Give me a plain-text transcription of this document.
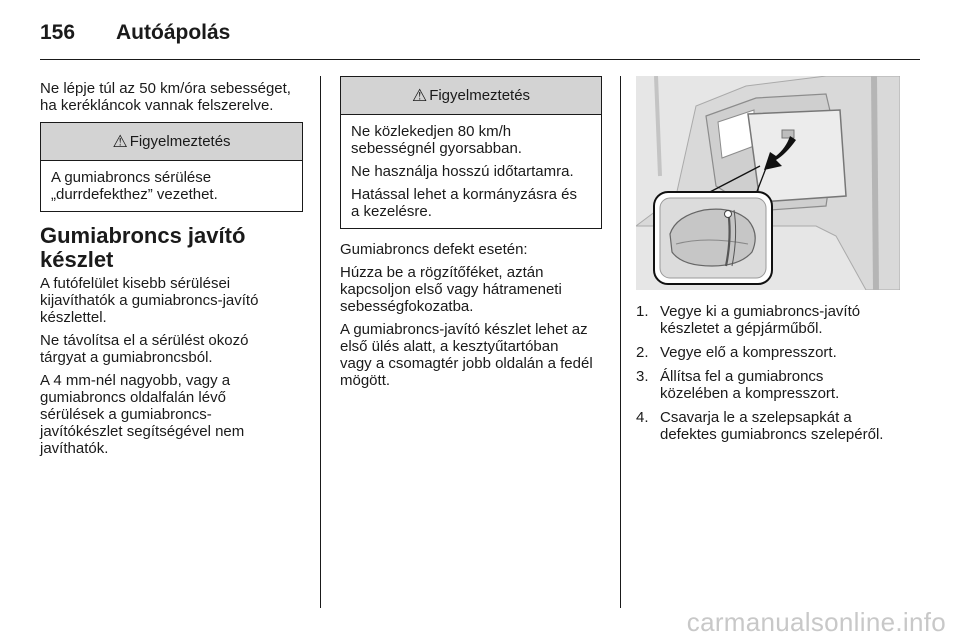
156 Autóápolás

Ne lépje túl az 50 km/óra sebességet,
ha kerékláncok vannak felszerelve.

⚠ Figyelmeztetés

A gumiabroncs sérülése
„durrdefekthez” vezethet.

Gumiabroncs javító
készlet

A futófelület kisebb sérülései
kijavíthatók a gumiabroncs-javító
készlettel.

Ne távolítsa el a sérülést okozó
tárgyat a gumiabroncsból.

A 4 mm-nél nagyobb, vagy a
gumiabroncs oldalfalán lévő
sérülések a gumiabroncs-
javítókészlet segítségével nem
javíthatók.

⚠ Figyelmeztetés

Ne közlekedjen 80 km/h
sebességnél gyorsabban.

Ne használja hosszú időtartamra.

Hatással lehet a kormányzásra és
a kezelésre.

Gumiabroncs defekt esetén:

Húzza be a rögzítőféket, aztán
kapcsoljon első vagy hátrameneti
sebességfokozatba.

A gumiabroncs-javító készlet lehet az
első ülés alatt, a kesztyűtartóban
vagy a csomagtér jobb oldalán a fedél
mögött.

1. Vegye ki a gumiabroncs-javító
készletet a gépjárműből.
2. Vegye elő a kompresszort.
3. Állítsa fel a gumiabroncs
közelében a kompresszort.
4. Csavarja le a szelepsapkát a
defektes gumiabroncs szelepéről.
carmanualsonline.info
